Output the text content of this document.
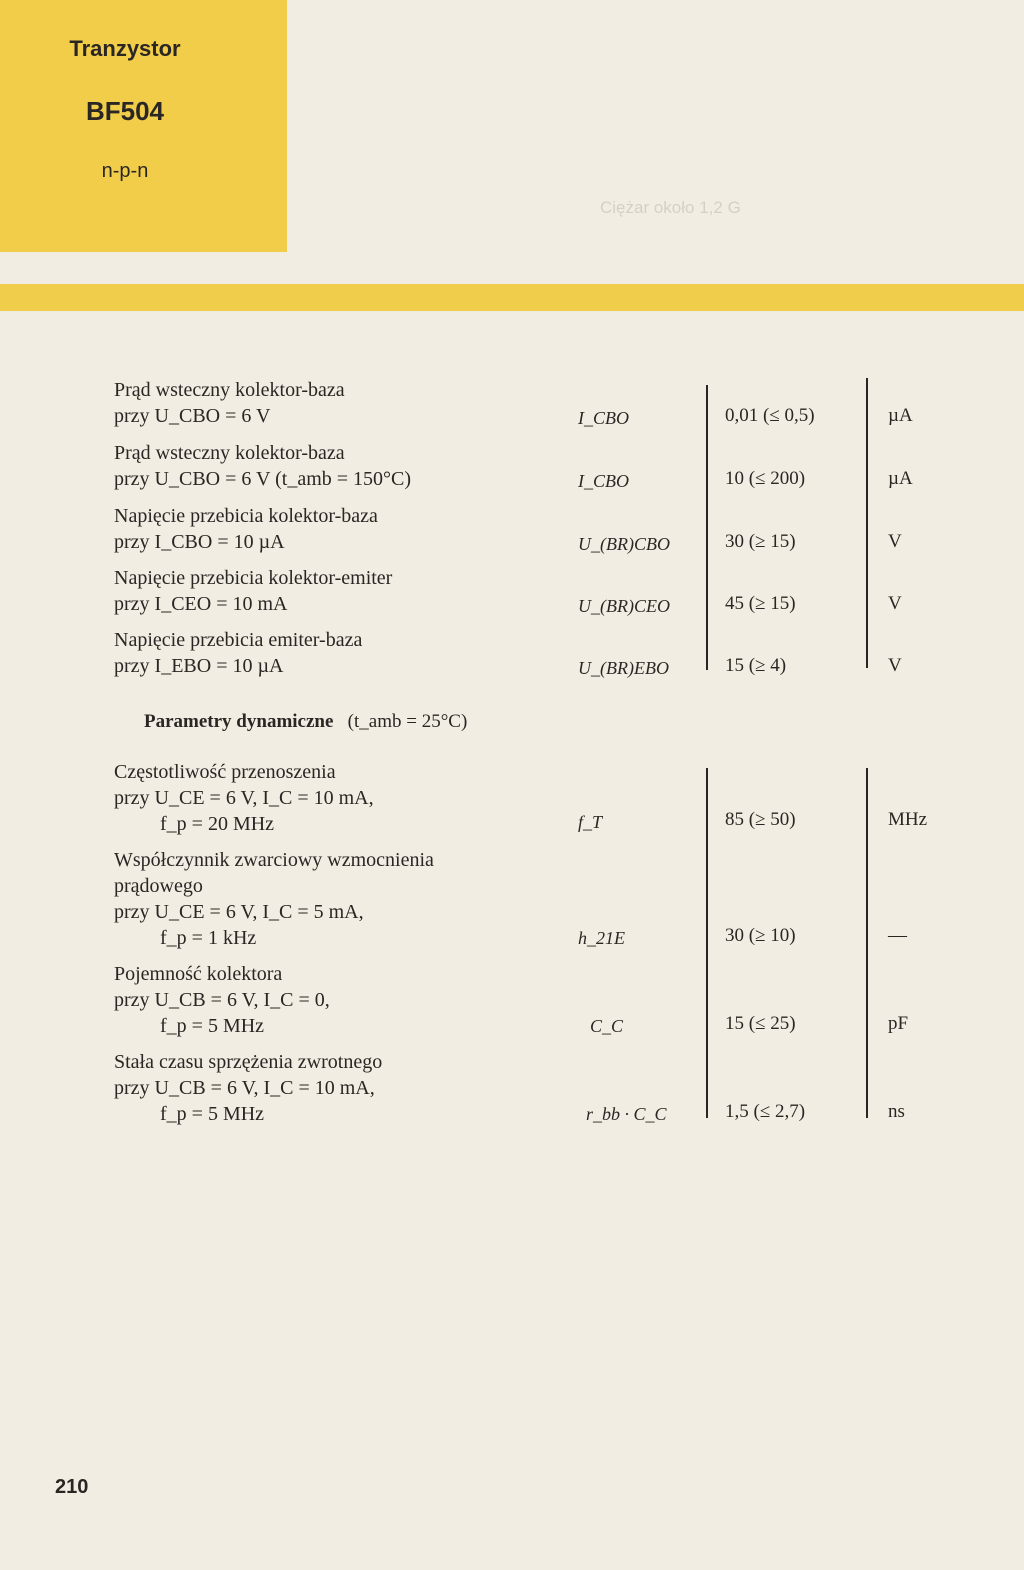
Tranzystor
BF504
n-p-n
Ciężar około 1,2 G
Prąd wsteczny kolektor-baza
przy U_CBO = 6 V	I_CBO	0,01 (≤ 0,5)	µA
Prąd wsteczny kolektor-baza
przy U_CBO = 6 V (t_amb = 150°C)	I_CBO	10 (≤ 200)	µA
Napięcie przebicia kolektor-baza
przy I_CBO = 10 µA	U_(BR)CBO	30 (≥ 15)	V
Napięcie przebicia kolektor-emiter
przy I_CEO = 10 mA	U_(BR)CEO	45 (≥ 15)	V
Napięcie przebicia emiter-baza
przy I_EBO = 10 µA	U_(BR)EBO	15 (≥ 4)	V
Parametry dynamiczne (t_amb = 25°C)
Częstotliwość przenoszenia
przy U_CE = 6 V, I_C = 10 mA,
f_p = 20 MHz	f_T	85 (≥ 50)	MHz
Współczynnik zwarciowy wzmocnienia
prądowego
przy U_CE = 6 V, I_C = 5 mA,
f_p = 1 kHz	h_21E	30 (≥ 10)	—
Pojemność kolektora
przy U_CB = 6 V, I_C = 0,
f_p = 5 MHz	C_C	15 (≤ 25)	pF
Stała czasu sprzężenia zwrotnego
przy U_CB = 6 V, I_C = 10 mA,
f_p = 5 MHz	r_bb · C_C	1,5 (≤ 2,7)	ns
210
